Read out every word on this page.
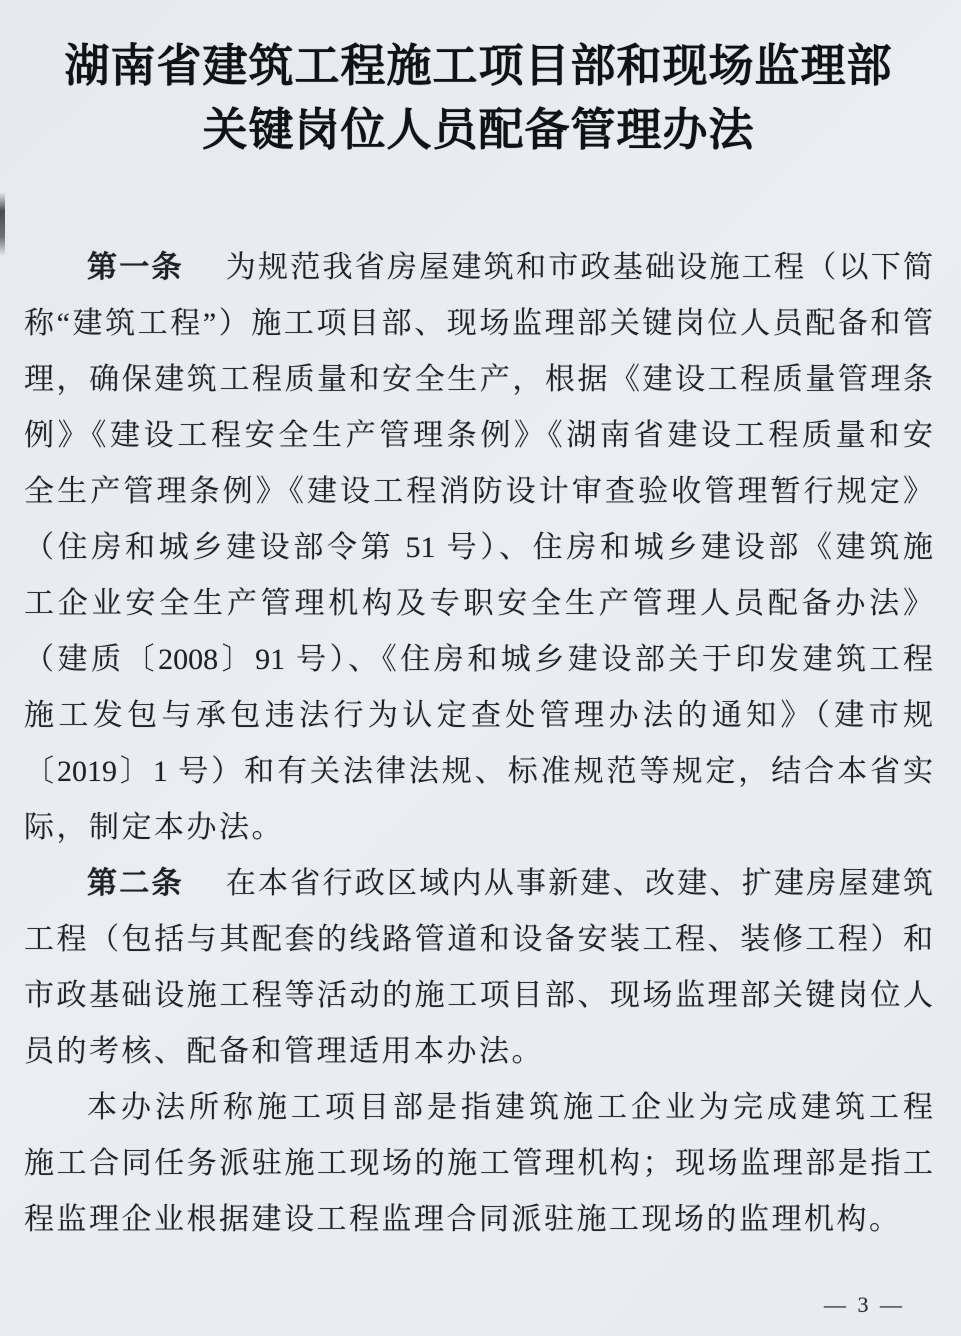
湖南省建筑工程施工项目部和现场监理部
关键岗位人员配备管理办法
第一条 为规范我省房屋建筑和市政基础设施工程（以下简
称“建筑工程”）施工项目部、现场监理部关键岗位人员配备和管
理，确保建筑工程质量和安全生产，根据《建设工程质量管理条
例》《建设工程安全生产管理条例》《湖南省建设工程质量和安
全生产管理条例》《建设工程消防设计审查验收管理暂行规定》
（住房和城乡建设部令第 51 号）、住房和城乡建设部《建筑施
工企业安全生产管理机构及专职安全生产管理人员配备办法》
（建质〔2008〕91 号）、《住房和城乡建设部关于印发建筑工程
施工发包与承包违法行为认定查处管理办法的通知》（建市规
〔2019〕1 号）和有关法律法规、标准规范等规定，结合本省实
际，制定本办法。
第二条 在本省行政区域内从事新建、改建、扩建房屋建筑
工程（包括与其配套的线路管道和设备安装工程、装修工程）和
市政基础设施工程等活动的施工项目部、现场监理部关键岗位人
员的考核、配备和管理适用本办法。
本办法所称施工项目部是指建筑施工企业为完成建筑工程
施工合同任务派驻施工现场的施工管理机构；现场监理部是指工
程监理企业根据建设工程监理合同派驻施工现场的监理机构。
— 3 —
